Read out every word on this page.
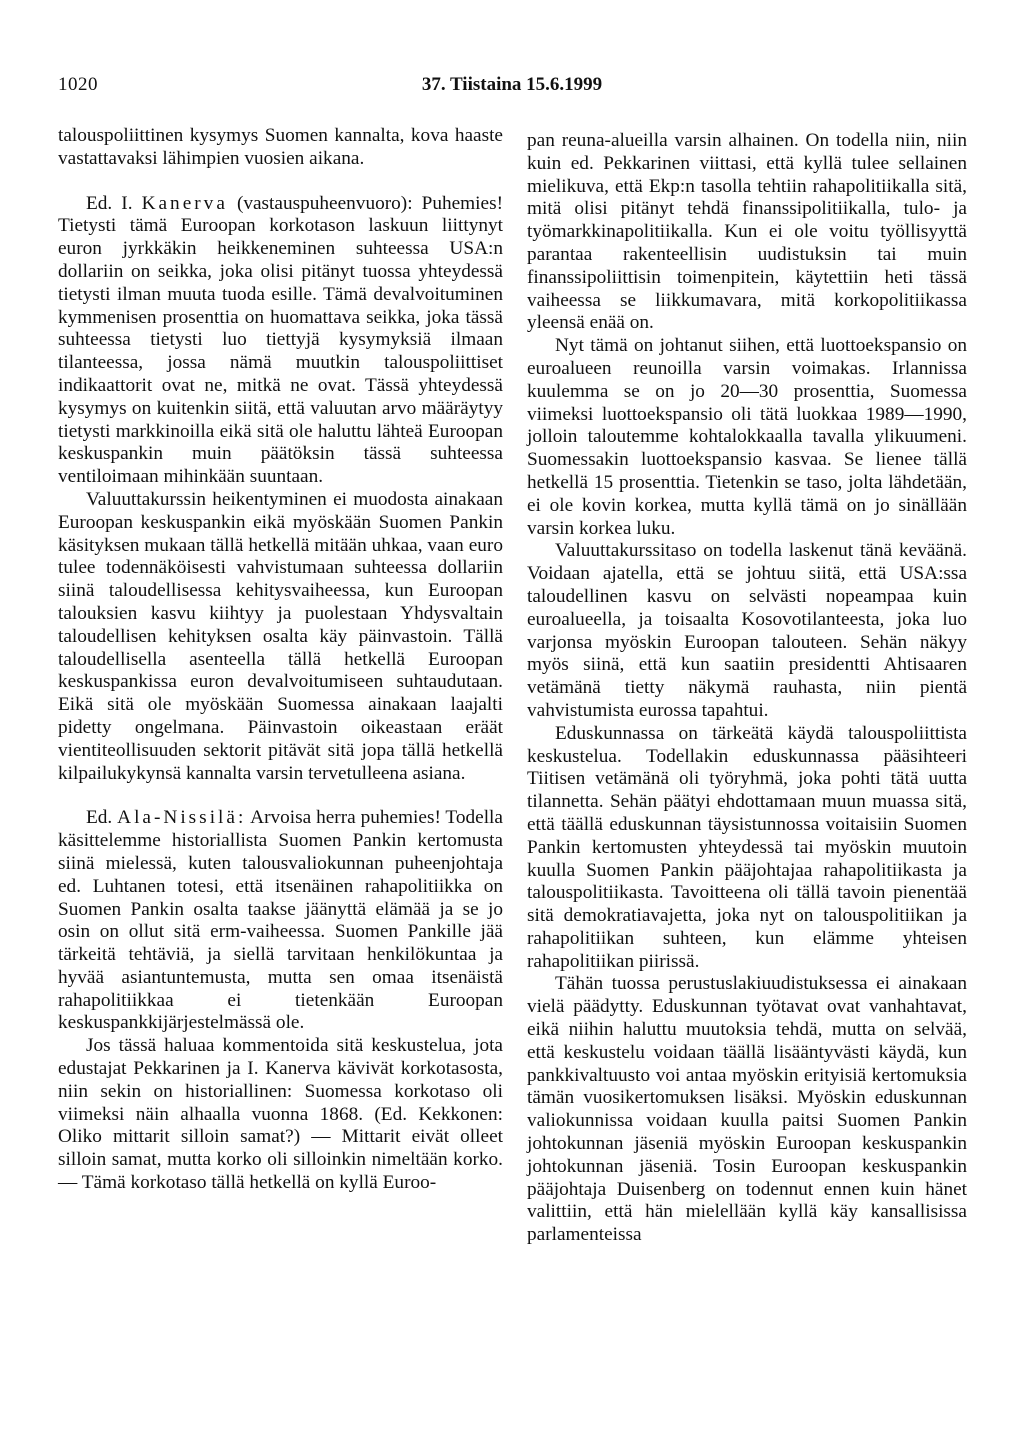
1020	37. Tiistaina 15.6.1999

talouspoliittinen kysymys Suomen kannalta, kova haaste vastattavaksi lähimpien vuosien aikana.

Ed. I. Kanerva (vastauspuheenvuoro): Puhemies! Tietysti tämä Euroopan korkotason laskuun liittynyt euron jyrkkäkin heikkeneminen suhteessa USA:n dollariin on seikka, joka olisi pitänyt tuossa yhteydessä tietysti ilman muuta tuoda esille. Tämä devalvoituminen kymmenisen prosenttia on huomattava seikka, joka tässä suhteessa tietysti luo tiettyjä kysymyksiä ilmaan tilanteessa, jossa nämä muutkin talouspoliittiset indikaattorit ovat ne, mitkä ne ovat. Tässä yhteydessä kysymys on kuitenkin siitä, että valuutan arvo määräytyy tietysti markkinoilla eikä sitä ole haluttu lähteä Euroopan keskuspankin muin päätöksin tässä suhteessa ventiloimaan mihinkään suuntaan.

Valuuttakurssin heikentyminen ei muodosta ainakaan Euroopan keskuspankin eikä myöskään Suomen Pankin käsityksen mukaan tällä hetkellä mitään uhkaa, vaan euro tulee todennäköisesti vahvistumaan suhteessa dollariin siinä taloudellisessa kehitysvaiheessa, kun Euroopan talouksien kasvu kiihtyy ja puolestaan Yhdysvaltain taloudellisen kehityksen osalta käy päinvastoin. Tällä taloudellisella asenteella tällä hetkellä Euroopan keskuspankissa euron devalvoitumiseen suhtaudutaan. Eikä sitä ole myöskään Suomessa ainakaan laajalti pidetty ongelmana. Päinvastoin oikeastaan eräät vientiteollisuuden sektorit pitävät sitä jopa tällä hetkellä kilpailukykynsä kannalta varsin tervetulleena asiana.

Ed. Ala-Nissilä: Arvoisa herra puhemies! Todella käsittelemme historiallista Suomen Pankin kertomusta siinä mielessä, kuten talousvaliokunnan puheenjohtaja ed. Luhtanen totesi, että itsenäinen rahapolitiikka on Suomen Pankin osalta taakse jäänyttä elämää ja se jo osin on ollut sitä erm-vaiheessa. Suomen Pankille jää tärkeitä tehtäviä, ja siellä tarvitaan henkilökuntaa ja hyvää asiantuntemusta, mutta sen omaa itsenäistä rahapolitiikkaa ei tietenkään Euroopan keskuspankkijärjestelmässä ole.

Jos tässä haluaa kommentoida sitä keskustelua, jota edustajat Pekkarinen ja I. Kanerva kävivät korkotasosta, niin sekin on historiallinen: Suomessa korkotaso oli viimeksi näin alhaalla vuonna 1868. (Ed. Kekkonen: Oliko mittarit silloin samat?) — Mittarit eivät olleet silloin samat, mutta korko oli silloinkin nimeltään korko. — Tämä korkotaso tällä hetkellä on kyllä Euroo-

pan reuna-alueilla varsin alhainen. On todella niin, niin kuin ed. Pekkarinen viittasi, että kyllä tulee sellainen mielikuva, että Ekp:n tasolla tehtiin rahapolitiikalla sitä, mitä olisi pitänyt tehdä finanssipolitiikalla, tulo- ja työmarkkinapolitiikalla. Kun ei ole voitu työllisyyttä parantaa rakenteellisin uudistuksin tai muin finanssipoliittisin toimenpitein, käytettiin heti tässä vaiheessa se liikkumavara, mitä korkopolitiikassa yleensä enää on.

Nyt tämä on johtanut siihen, että luottoekspansio on euroalueen reunoilla varsin voimakas. Irlannissa kuulemma se on jo 20—30 prosenttia, Suomessa viimeksi luottoekspansio oli tätä luokkaa 1989—1990, jolloin taloutemme kohtalokkaalla tavalla ylikuumeni. Suomessakin luottoekspansio kasvaa. Se lienee tällä hetkellä 15 prosenttia. Tietenkin se taso, jolta lähdetään, ei ole kovin korkea, mutta kyllä tämä on jo sinällään varsin korkea luku.

Valuuttakurssitaso on todella laskenut tänä keväänä. Voidaan ajatella, että se johtuu siitä, että USA:ssa taloudellinen kasvu on selvästi nopeampaa kuin euroalueella, ja toisaalta Kosovotilanteesta, joka luo varjonsa myöskin Euroopan talouteen. Sehän näkyy myös siinä, että kun saatiin presidentti Ahtisaaren vetämänä tietty näkymä rauhasta, niin pientä vahvistumista eurossa tapahtui.

Eduskunnassa on tärkeätä käydä talouspoliittista keskustelua. Todellakin eduskunnassa pääsihteeri Tiitisen vetämänä oli työryhmä, joka pohti tätä uutta tilannetta. Sehän päätyi ehdottamaan muun muassa sitä, että täällä eduskunnan täysistunnossa voitaisiin Suomen Pankin kertomusten yhteydessä tai myöskin muutoin kuulla Suomen Pankin pääjohtajaa rahapolitiikasta ja talouspolitiikasta. Tavoitteena oli tällä tavoin pienentää sitä demokratiavajetta, joka nyt on talouspolitiikan ja rahapolitiikan suhteen, kun elämme yhteisen rahapolitiikan piirissä.

Tähän tuossa perustuslakiuudistuksessa ei ainakaan vielä päädytty. Eduskunnan työtavat ovat vanhahtavat, eikä niihin haluttu muutoksia tehdä, mutta on selvää, että keskustelu voidaan täällä lisääntyvästi käydä, kun pankkivaltuusto voi antaa myöskin erityisiä kertomuksia tämän vuosikertomuksen lisäksi. Myöskin eduskunnan valiokunnissa voidaan kuulla paitsi Suomen Pankin johtokunnan jäseniä myöskin Euroopan keskuspankin johtokunnan jäseniä. Tosin Euroopan keskuspankin pääjohtaja Duisenberg on todennut ennen kuin hänet valittiin, että hän mielellään kyllä käy kansallisissa parlamenteissa
